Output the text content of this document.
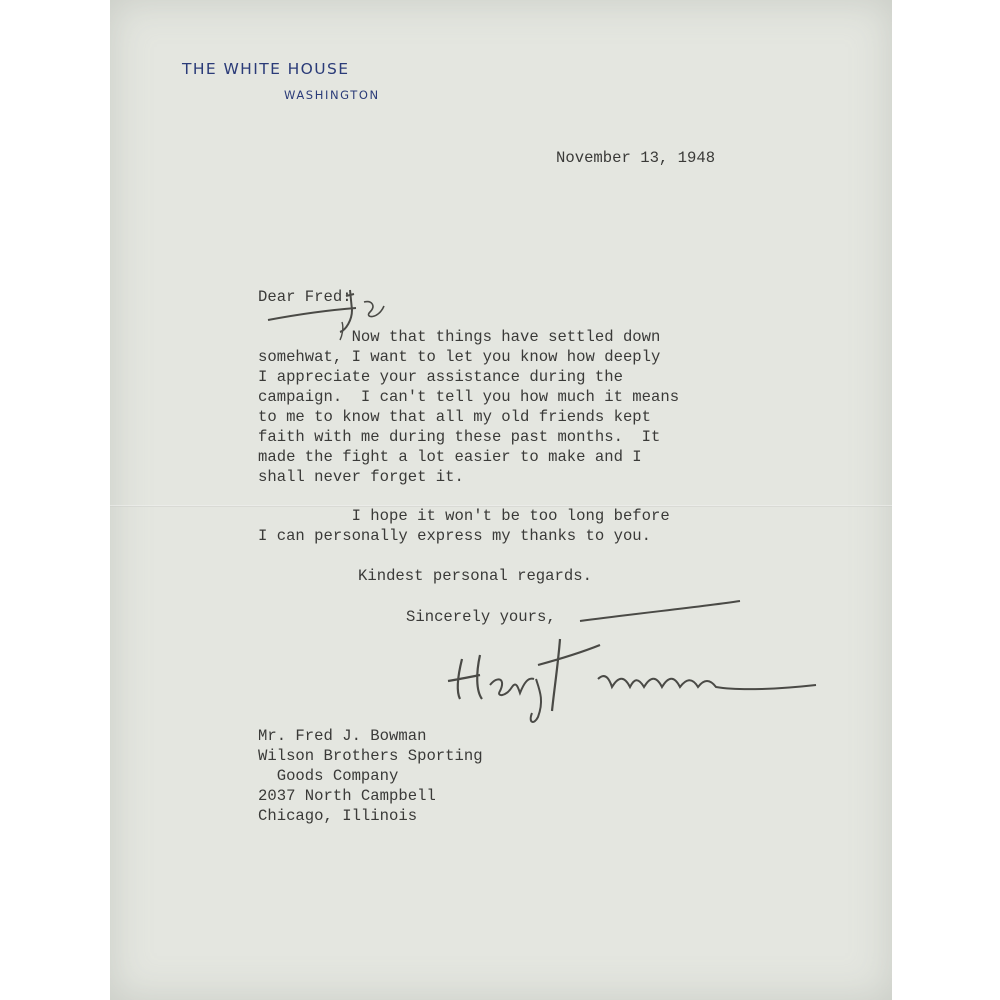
THE WHITE HOUSE
WASHINGTON
November 13, 1948
Dear Fred:
Now that things have settled down
somehwat, I want to let you know how deeply
I appreciate your assistance during the
campaign.  I can't tell you how much it means
to me to know that all my old friends kept
faith with me during these past months.  It
made the fight a lot easier to make and I
shall never forget it.
I hope it won't be too long before
I can personally express my thanks to you.
Kindest personal regards.
Sincerely yours,
Mr. Fred J. Bowman
Wilson Brothers Sporting
Goods Company
2037 North Campbell
Chicago, Illinois
